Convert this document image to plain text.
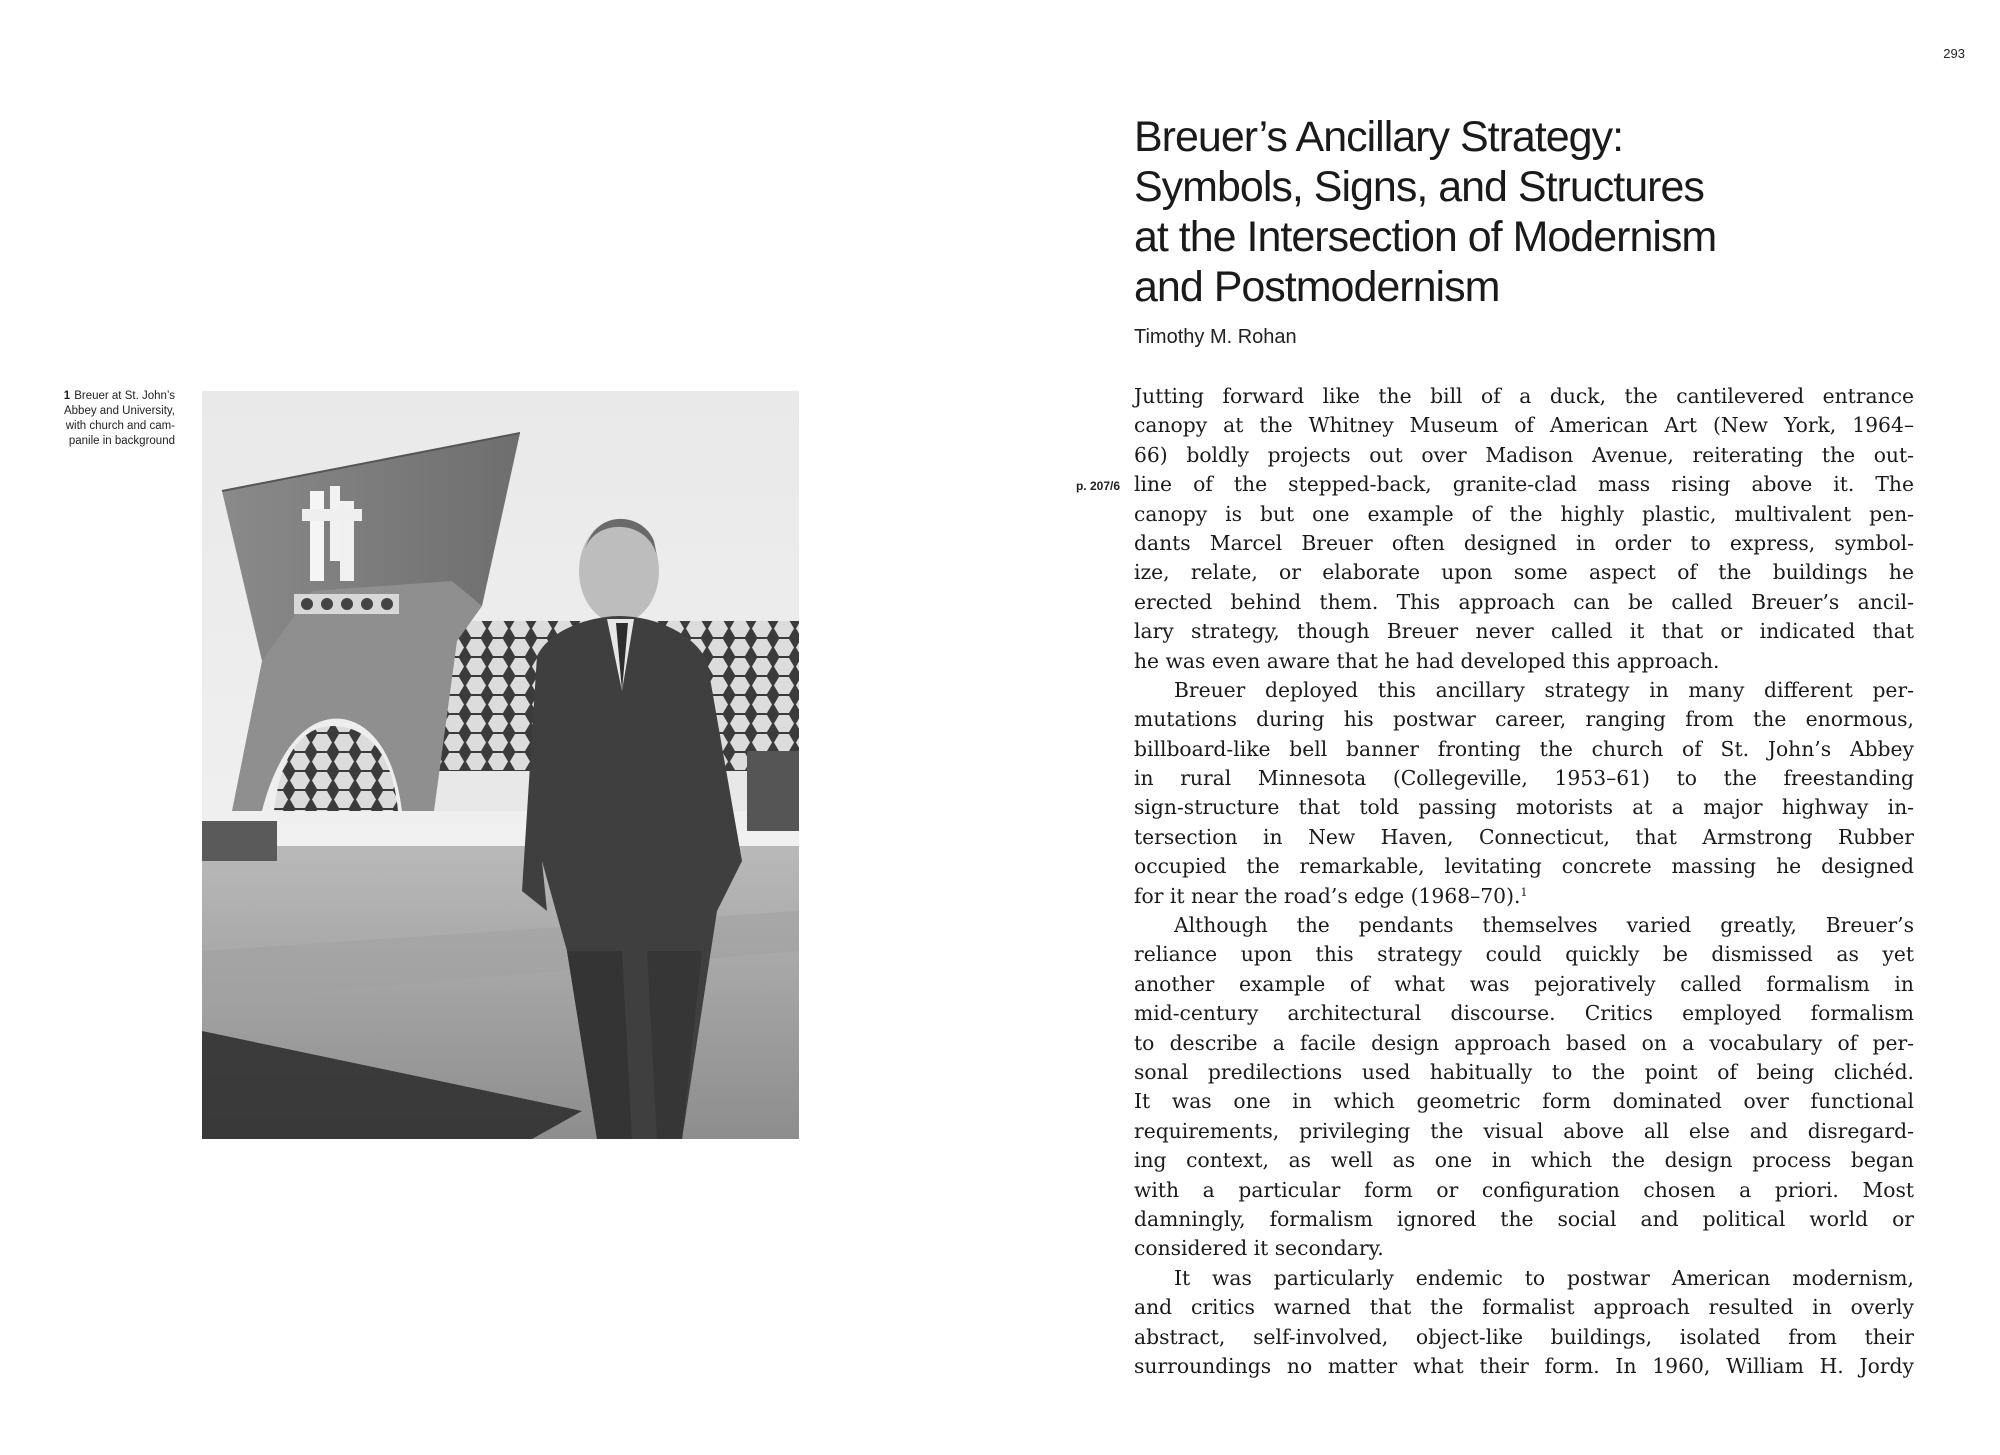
293
Breuer’s Ancillary Strategy:
Symbols, Signs, and Structures
at the Intersection of Modernism
and Postmodernism
Timothy M. Rohan
1 Breuer at St. John’s
Abbey and University,
with church and cam-
panile in background
p. 207/6
Jutting forward like the bill of a duck, the cantilevered entrance
canopy at the Whitney Museum of American Art (New York, 1964–
66) boldly projects out over Madison Avenue, reiterating the out-
line of the stepped-back, granite-clad mass rising above it. The
canopy is but one example of the highly plastic, multivalent pen-
dants Marcel Breuer often designed in order to express, symbol-
ize, relate, or elaborate upon some aspect of the buildings he
erected behind them. This approach can be called Breuer’s ancil-
lary strategy, though Breuer never called it that or indicated that
he was even aware that he had developed this approach.
Breuer deployed this ancillary strategy in many different per-
mutations during his postwar career, ranging from the enormous,
billboard-like bell banner fronting the church of St. John’s Abbey
in rural Minnesota (Collegeville, 1953–61) to the freestanding
sign-structure that told passing motorists at a major highway in-
tersection in New Haven, Connecticut, that Armstrong Rubber
occupied the remarkable, levitating concrete massing he designed
for it near the road’s edge (1968–70).$^1$
Although the pendants themselves varied greatly, Breuer’s
reliance upon this strategy could quickly be dismissed as yet
another example of what was pejoratively called formalism in
mid-century architectural discourse. Critics employed formalism
to describe a facile design approach based on a vocabulary of per-
sonal predilections used habitually to the point of being clichéd.
It was one in which geometric form dominated over functional
requirements, privileging the visual above all else and disregard-
ing context, as well as one in which the design process began
with a particular form or configuration chosen a priori. Most
damningly, formalism ignored the social and political world or
considered it secondary.
It was particularly endemic to postwar American modernism,
and critics warned that the formalist approach resulted in overly
abstract, self-involved, object-like buildings, isolated from their
surroundings no matter what their form. In 1960, William H. Jordy
